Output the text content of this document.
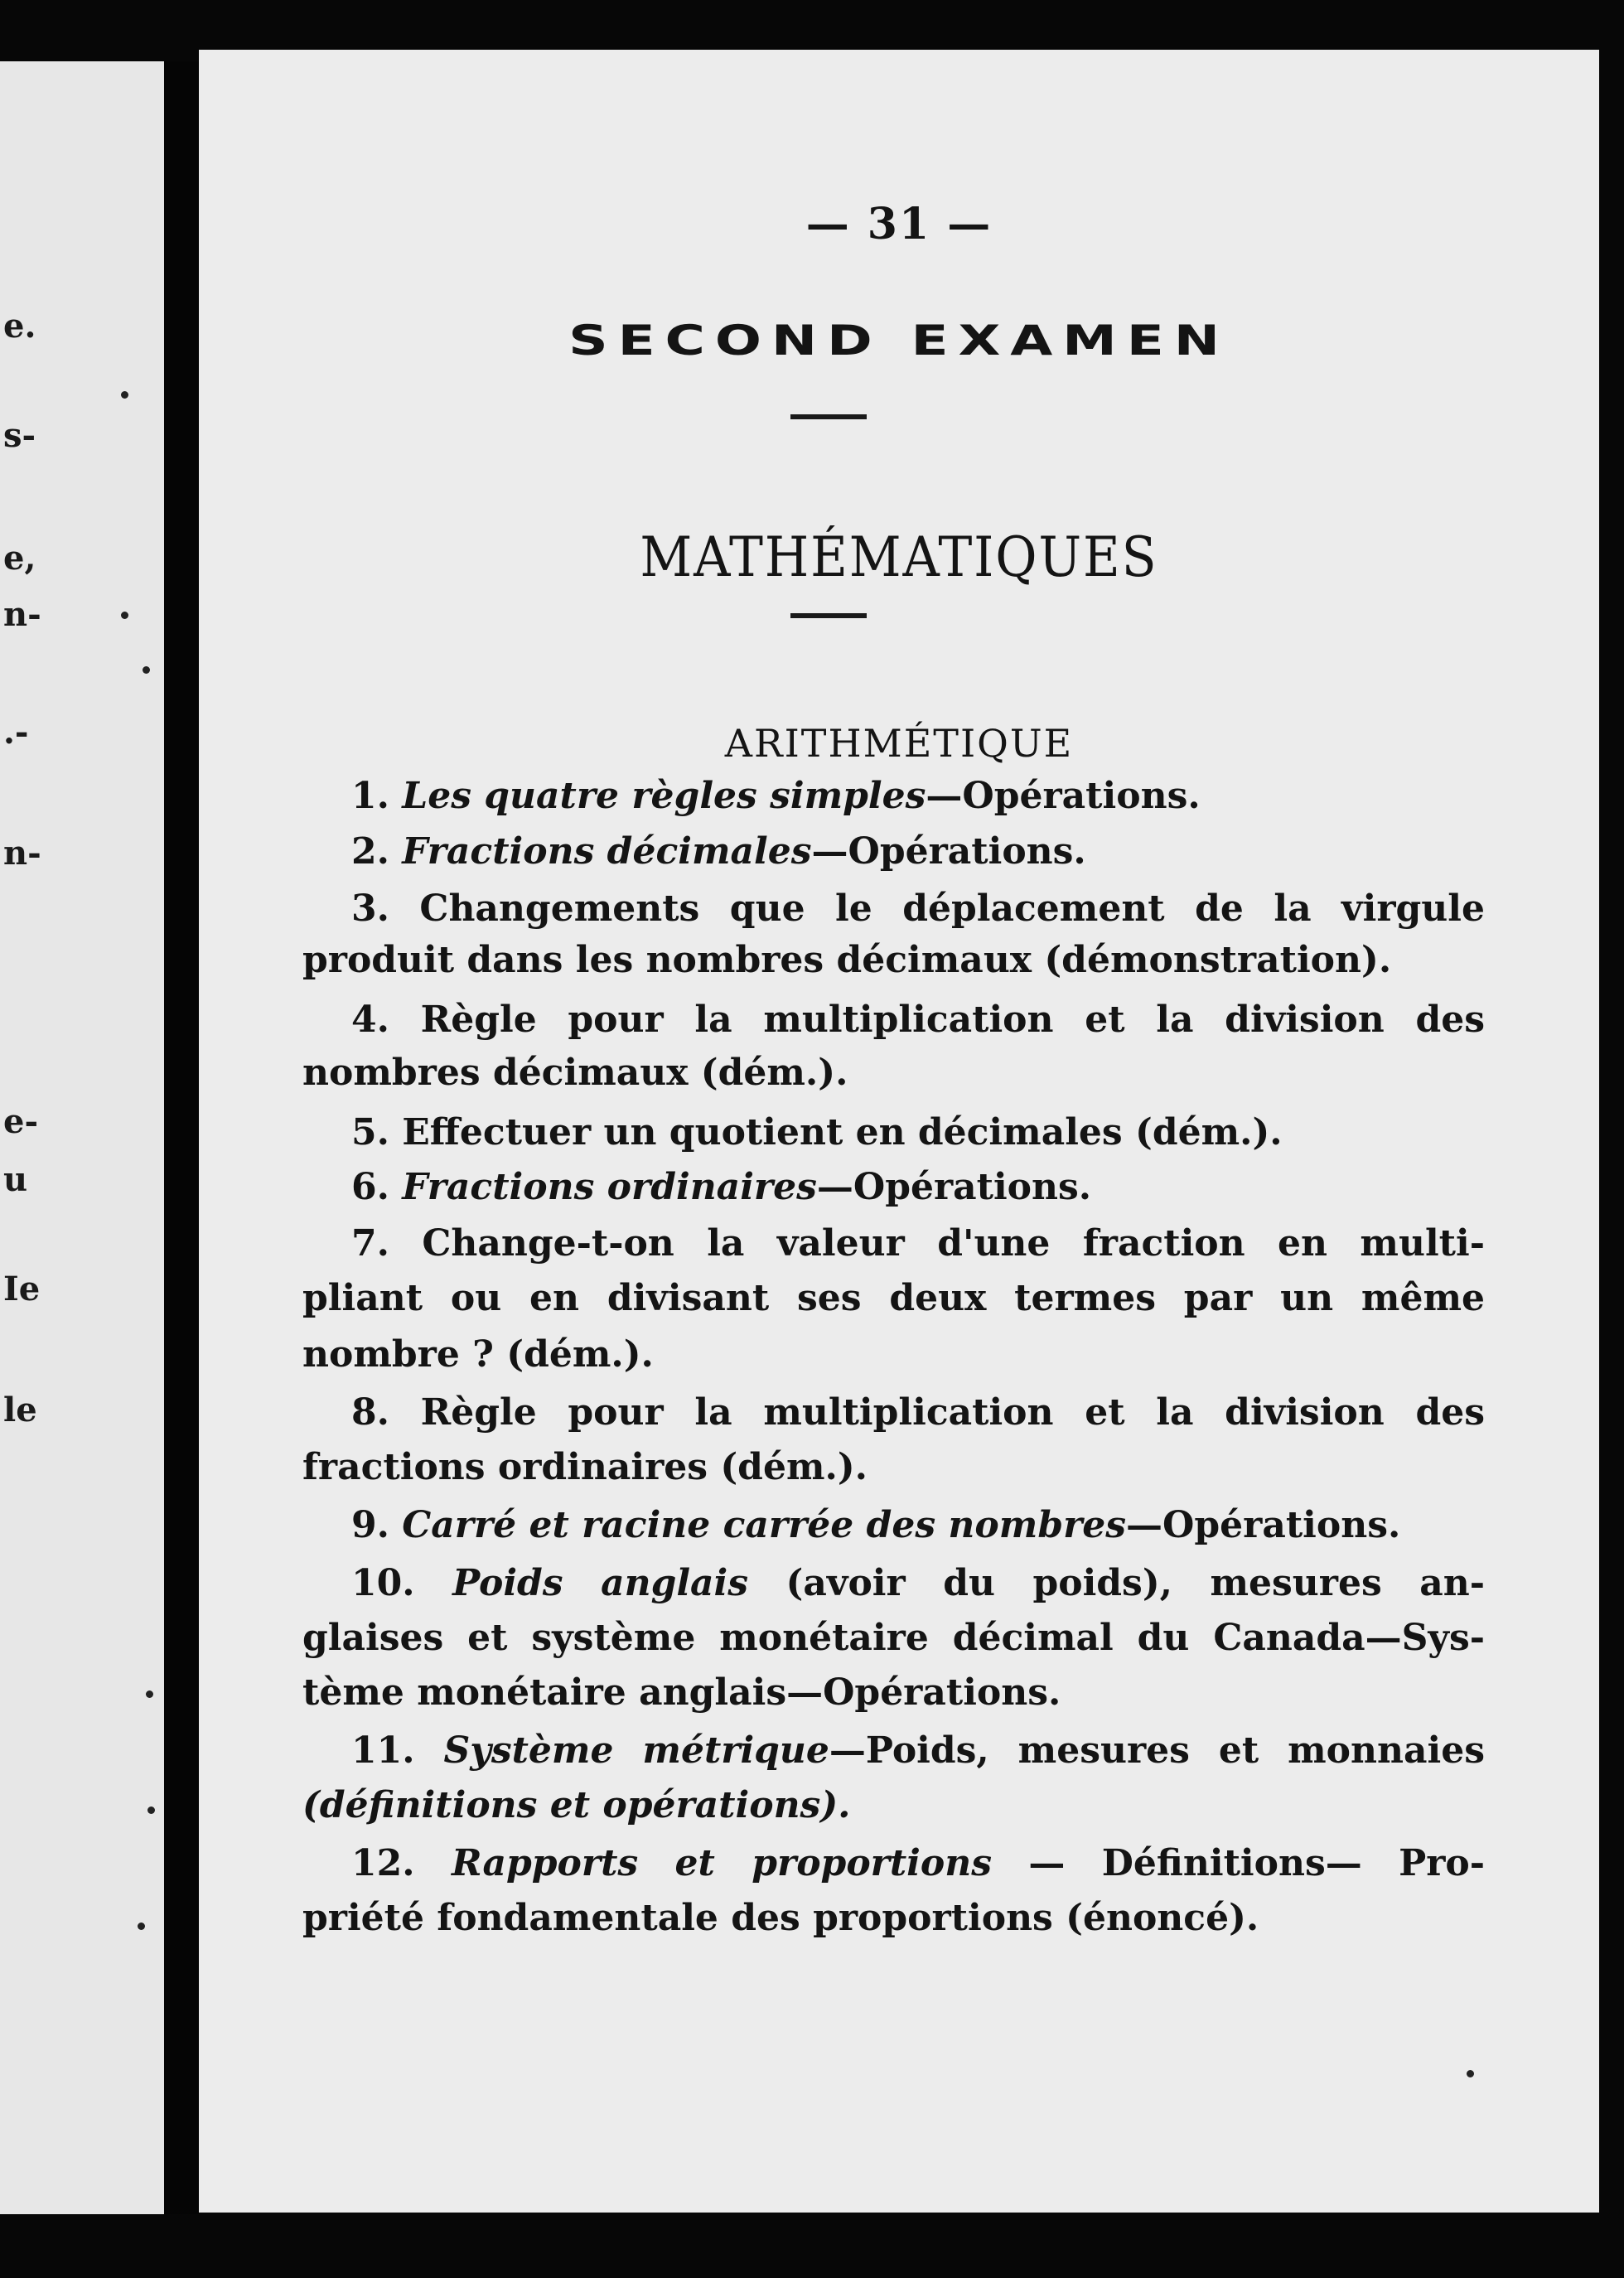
e.
s-
e,
n-
.-
n-
e-
u
Ie
le
— 31 —
SECOND EXAMEN
MATHÉMATIQUES
ARITHMÉTIQUE
1. Les quatre règles simples—Opérations.
2. Fractions décimales—Opérations.
3. Changements que le déplacement de la virgule
produit dans les nombres décimaux (démonstration).
4. Règle pour la multiplication et la division des
nombres décimaux (dém.).
5. Effectuer un quotient en décimales (dém.).
6. Fractions ordinaires—Opérations.
7. Change-t-on la valeur d'une fraction en multi-
pliant ou en divisant ses deux termes par un même
nombre ? (dém.).
8. Règle pour la multiplication et la division des
fractions ordinaires (dém.).
9. Carré et racine carrée des nombres—Opérations.
10. Poids anglais (avoir du poids), mesures an-
glaises et système monétaire décimal du Canada—Sys-
tème monétaire anglais—Opérations.
11. Système métrique—Poids, mesures et monnaies
(définitions et opérations).
12. Rapports et proportions — Définitions— Pro-
priété fondamentale des proportions (énoncé).
